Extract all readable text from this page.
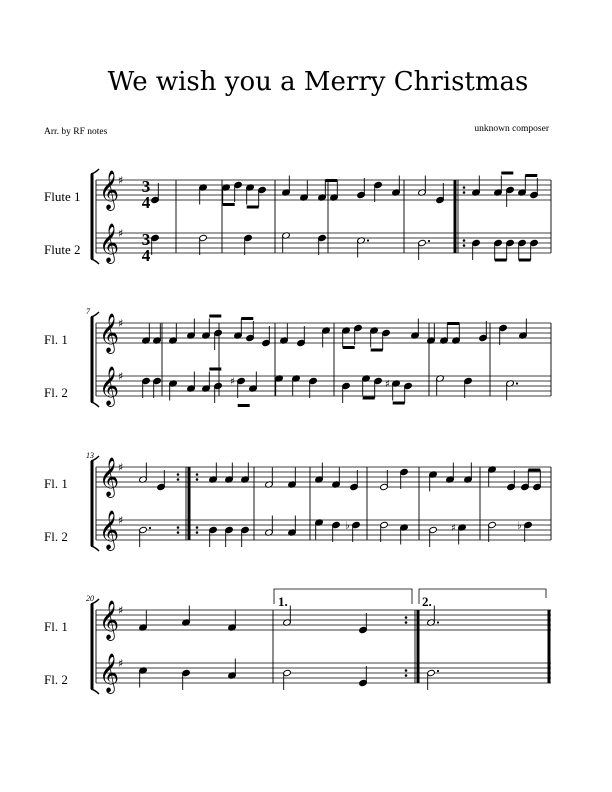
We wish you a Merry Christmas
Arr. by RF notes	unknown composer
Flute 1
Flute 2
Fl. 1
Fl. 2
Fl. 1
Fl. 2
Fl. 1
Fl. 2
7
13
20	1.	2.
3
4
3
4
𝄞
𝄞
♯
♯
𝄞
𝄞
♯
♯
𝄞
𝄞
♯
♯
𝄞
𝄞
♯
♯
♯	♯
♭	♯	♭
